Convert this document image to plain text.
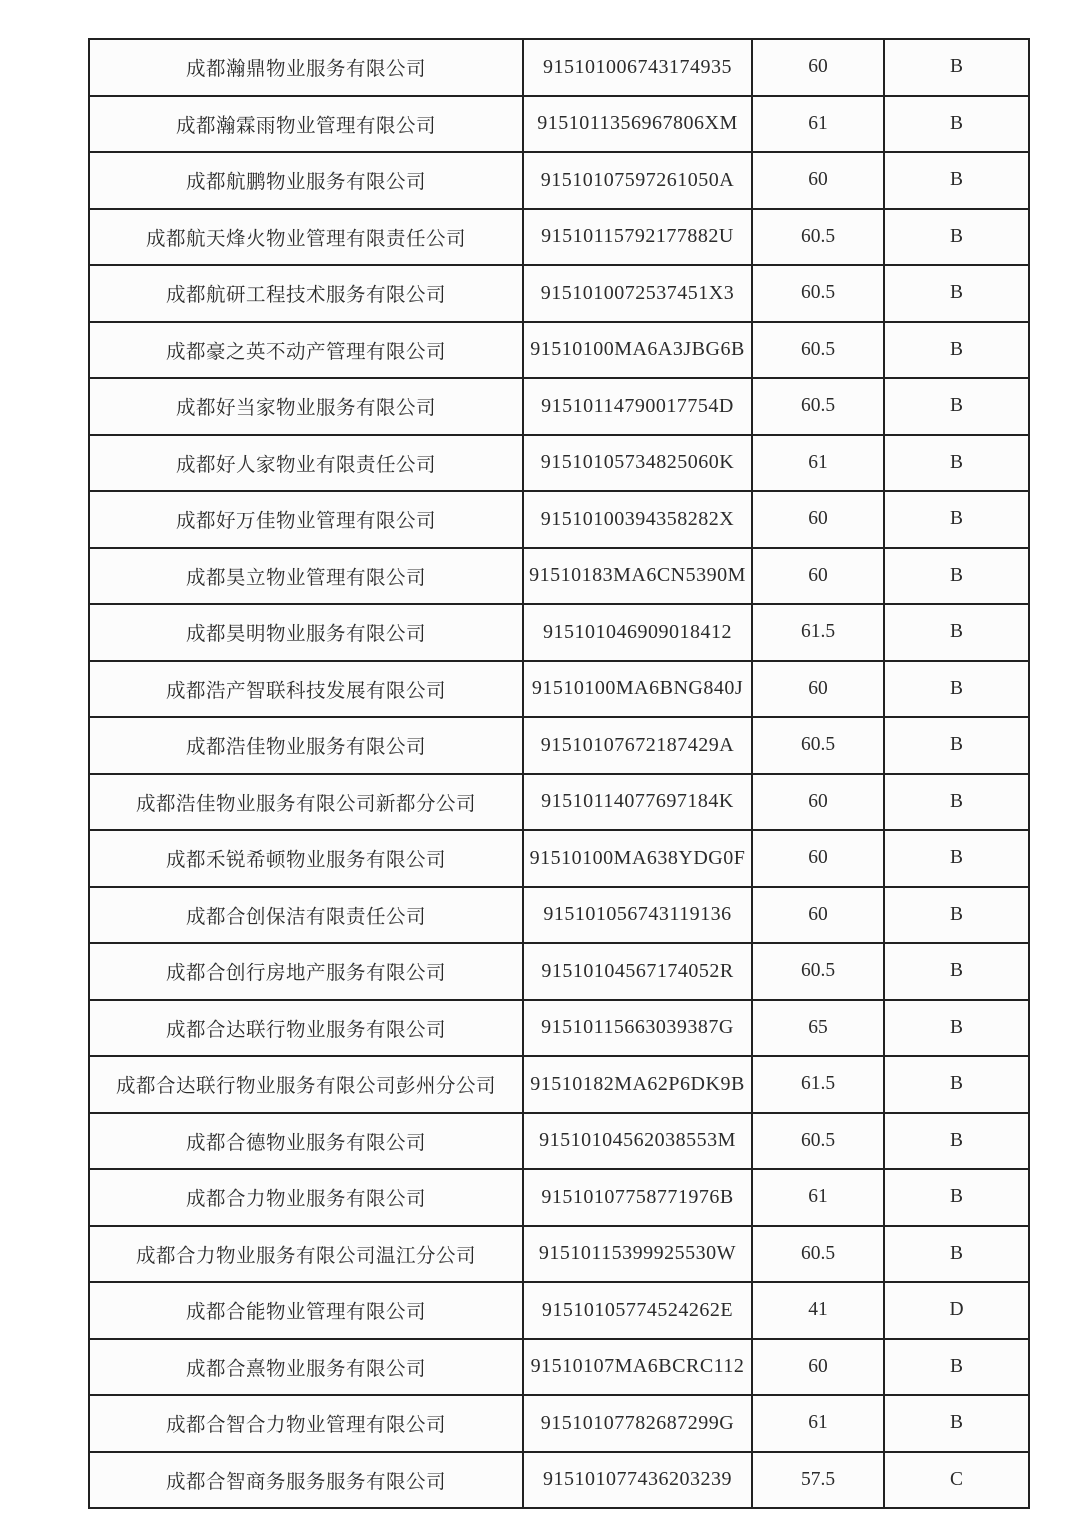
成都瀚鼎物业服务有限公司	915101006743174935	60	B
成都瀚霖雨物业管理有限公司	9151011356967806XM	61	B
成都航鹏物业服务有限公司	91510107597261050A	60	B
成都航天烽火物业管理有限责任公司	91510115792177882U	60.5	B
成都航研工程技术服务有限公司	9151010072537451X3	60.5	B
成都豪之英不动产管理有限公司	91510100MA6A3JBG6B	60.5	B
成都好当家物业服务有限公司	91510114790017754D	60.5	B
成都好人家物业有限责任公司	91510105734825060K	61	B
成都好万佳物业管理有限公司	91510100394358282X	60	B
成都昊立物业管理有限公司	91510183MA6CN5390M	60	B
成都昊明物业服务有限公司	915101046909018412	61.5	B
成都浩产智联科技发展有限公司	91510100MA6BNG840J	60	B
成都浩佳物业服务有限公司	91510107672187429A	60.5	B
成都浩佳物业服务有限公司新都分公司	91510114077697184K	60	B
成都禾锐希顿物业服务有限公司	91510100MA638YDG0F	60	B
成都合创保洁有限责任公司	915101056743119136	60	B
成都合创行房地产服务有限公司	91510104567174052R	60.5	B
成都合达联行物业服务有限公司	91510115663039387G	65	B
成都合达联行物业服务有限公司彭州分公司	91510182MA62P6DK9B	61.5	B
成都合德物业服务有限公司	91510104562038553M	60.5	B
成都合力物业服务有限公司	91510107758771976B	61	B
成都合力物业服务有限公司温江分公司	91510115399925530W	60.5	B
成都合能物业管理有限公司	91510105774524262E	41	D
成都合熹物业服务有限公司	91510107MA6BCRC112	60	B
成都合智合力物业管理有限公司	91510107782687299G	61	B
成都合智商务服务服务有限公司	915101077436203239	57.5	C
